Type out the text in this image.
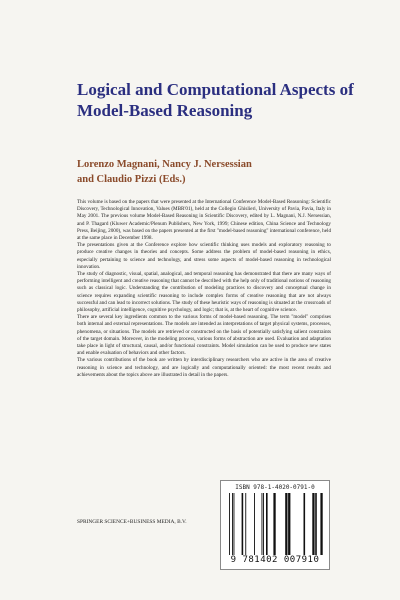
Logical and Computational Aspects of Model-Based Reasoning
Lorenzo Magnani, Nancy J. Nersessian
and Claudio Pizzi (Eds.)

This volume is based on the papers that were presented at the International Conference Model-Based Reasoning: Scientific Discovery, Technological Innovation, Values (MBR'01), held at the Collegio Ghislieri, University of Pavia, Pavia, Italy in May 2001. The previous volume Model-Based Reasoning in Scientific Discovery, edited by L. Magnani, N.J. Nersessian, and P. Thagard (Kluwer Academic/Plenum Publishers, New York, 1999; Chinese edition, China Science and Technology Press, Beijing, 2000), was based on the papers presented at the first "model-based reasoning" international conference, held at the same place in December 1998.

The presentations given at the Conference explore how scientific thinking uses models and exploratory reasoning to produce creative changes in theories and concepts. Some address the problem of model-based reasoning in ethics, especially pertaining to science and technology, and stress some aspects of model-based reasoning in technological innovation.

The study of diagnostic, visual, spatial, analogical, and temporal reasoning has demonstrated that there are many ways of performing intelligent and creative reasoning that cannot be described with the help only of traditional notions of reasoning such as classical logic. Understanding the contribution of modeling practices to discovery and conceptual change in science requires expanding scientific reasoning to include complex forms of creative reasoning that are not always successful and can lead to incorrect solutions. The study of these heuristic ways of reasoning is situated at the crossroads of philosophy, artificial intelligence, cognitive psychology, and logic; that is, at the heart of cognitive science.

There are several key ingredients common to the various forms of model-based reasoning. The term "model" comprises both internal and external representations. The models are intended as interpretations of target physical systems, processes, phenomena, or situations. The models are retrieved or constructed on the basis of potentially satisfying salient constraints of the target domain. Moreover, in the modeling process, various forms of abstraction are used. Evaluation and adaptation take place in light of structural, causal, and/or functional constraints. Model simulation can be used to produce new states and enable evaluation of behaviors and other factors.

The various contributions of the book are written by interdisciplinary researchers who are active in the area of creative reasoning in science and technology, and are logically and computationally oriented: the most recent results and achievements about the topics above are illustrated in detail in the papers.

ISBN 978-1-4020-0791-0
9 781402 007910
SPRINGER SCIENCE+BUSINESS MEDIA, B.V.
